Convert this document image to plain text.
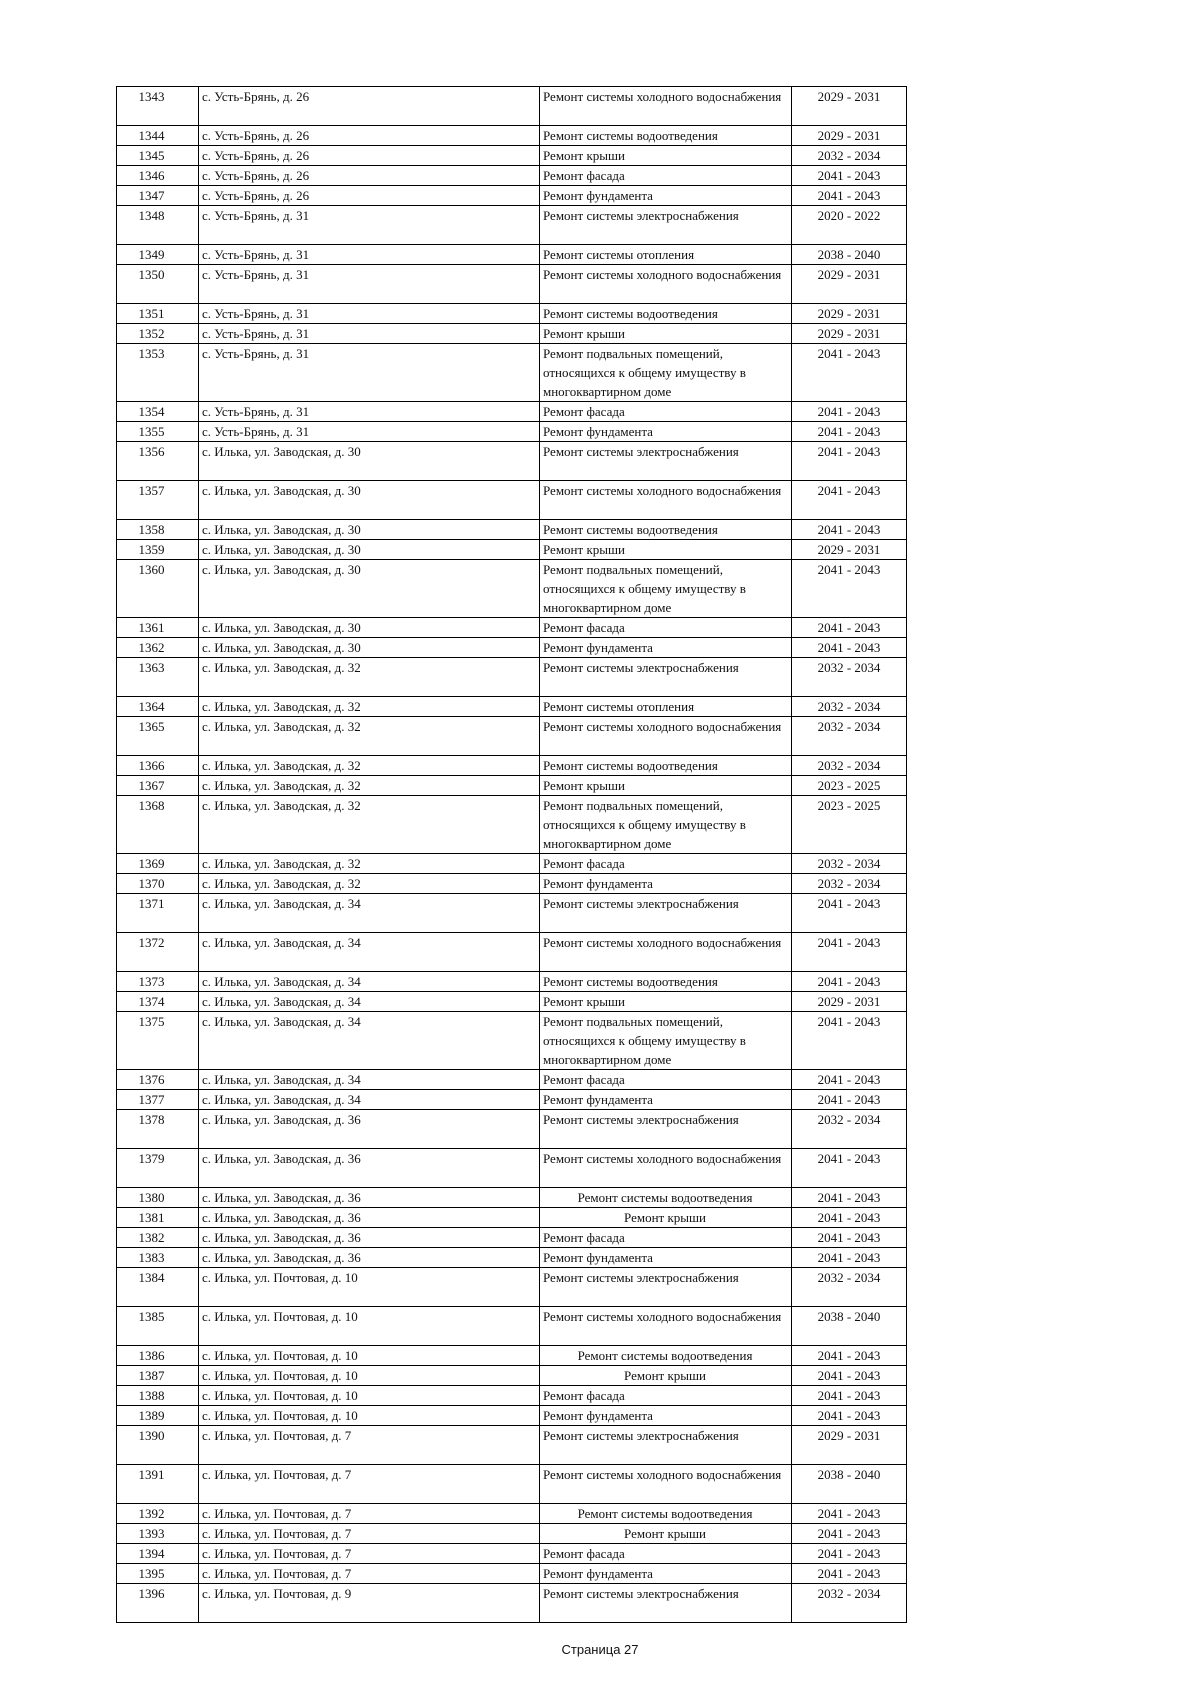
1343	с. Усть-Брянь, д. 26	Ремонт системы холодного водоснабжения	2029 - 2031
1344	с. Усть-Брянь, д. 26	Ремонт системы водоотведения	2029 - 2031
1345	с. Усть-Брянь, д. 26	Ремонт крыши	2032 - 2034
1346	с. Усть-Брянь, д. 26	Ремонт фасада	2041 - 2043
1347	с. Усть-Брянь, д. 26	Ремонт фундамента	2041 - 2043
1348	с. Усть-Брянь, д. 31	Ремонт системы электроснабжения	2020 - 2022
1349	с. Усть-Брянь, д. 31	Ремонт системы отопления	2038 - 2040
1350	с. Усть-Брянь, д. 31	Ремонт системы холодного водоснабжения	2029 - 2031
1351	с. Усть-Брянь, д. 31	Ремонт системы водоотведения	2029 - 2031
1352	с. Усть-Брянь, д. 31	Ремонт крыши	2029 - 2031
1353	с. Усть-Брянь, д. 31	Ремонт подвальных помещений, относящихся к общему имуществу в многоквартирном доме	2041 - 2043
1354	с. Усть-Брянь, д. 31	Ремонт фасада	2041 - 2043
1355	с. Усть-Брянь, д. 31	Ремонт фундамента	2041 - 2043
1356	с. Илька, ул. Заводская, д. 30	Ремонт системы электроснабжения	2041 - 2043
1357	с. Илька, ул. Заводская, д. 30	Ремонт системы холодного водоснабжения	2041 - 2043
1358	с. Илька, ул. Заводская, д. 30	Ремонт системы водоотведения	2041 - 2043
1359	с. Илька, ул. Заводская, д. 30	Ремонт крыши	2029 - 2031
1360	с. Илька, ул. Заводская, д. 30	Ремонт подвальных помещений, относящихся к общему имуществу в многоквартирном доме	2041 - 2043
1361	с. Илька, ул. Заводская, д. 30	Ремонт фасада	2041 - 2043
1362	с. Илька, ул. Заводская, д. 30	Ремонт фундамента	2041 - 2043
1363	с. Илька, ул. Заводская, д. 32	Ремонт системы электроснабжения	2032 - 2034
1364	с. Илька, ул. Заводская, д. 32	Ремонт системы отопления	2032 - 2034
1365	с. Илька, ул. Заводская, д. 32	Ремонт системы холодного водоснабжения	2032 - 2034
1366	с. Илька, ул. Заводская, д. 32	Ремонт системы водоотведения	2032 - 2034
1367	с. Илька, ул. Заводская, д. 32	Ремонт крыши	2023 - 2025
1368	с. Илька, ул. Заводская, д. 32	Ремонт подвальных помещений, относящихся к общему имуществу в многоквартирном доме	2023 - 2025
1369	с. Илька, ул. Заводская, д. 32	Ремонт фасада	2032 - 2034
1370	с. Илька, ул. Заводская, д. 32	Ремонт фундамента	2032 - 2034
1371	с. Илька, ул. Заводская, д. 34	Ремонт системы электроснабжения	2041 - 2043
1372	с. Илька, ул. Заводская, д. 34	Ремонт системы холодного водоснабжения	2041 - 2043
1373	с. Илька, ул. Заводская, д. 34	Ремонт системы водоотведения	2041 - 2043
1374	с. Илька, ул. Заводская, д. 34	Ремонт крыши	2029 - 2031
1375	с. Илька, ул. Заводская, д. 34	Ремонт подвальных помещений, относящихся к общему имуществу в многоквартирном доме	2041 - 2043
1376	с. Илька, ул. Заводская, д. 34	Ремонт фасада	2041 - 2043
1377	с. Илька, ул. Заводская, д. 34	Ремонт фундамента	2041 - 2043
1378	с. Илька, ул. Заводская, д. 36	Ремонт системы электроснабжения	2032 - 2034
1379	с. Илька, ул. Заводская, д. 36	Ремонт системы холодного водоснабжения	2041 - 2043
1380	с. Илька, ул. Заводская, д. 36	Ремонт системы водоотведения	2041 - 2043
1381	с. Илька, ул. Заводская, д. 36	Ремонт крыши	2041 - 2043
1382	с. Илька, ул. Заводская, д. 36	Ремонт фасада	2041 - 2043
1383	с. Илька, ул. Заводская, д. 36	Ремонт фундамента	2041 - 2043
1384	с. Илька, ул. Почтовая, д. 10	Ремонт системы электроснабжения	2032 - 2034
1385	с. Илька, ул. Почтовая, д. 10	Ремонт системы холодного водоснабжения	2038 - 2040
1386	с. Илька, ул. Почтовая, д. 10	Ремонт системы водоотведения	2041 - 2043
1387	с. Илька, ул. Почтовая, д. 10	Ремонт крыши	2041 - 2043
1388	с. Илька, ул. Почтовая, д. 10	Ремонт фасада	2041 - 2043
1389	с. Илька, ул. Почтовая, д. 10	Ремонт фундамента	2041 - 2043
1390	с. Илька, ул. Почтовая, д. 7	Ремонт системы электроснабжения	2029 - 2031
1391	с. Илька, ул. Почтовая, д. 7	Ремонт системы холодного водоснабжения	2038 - 2040
1392	с. Илька, ул. Почтовая, д. 7	Ремонт системы водоотведения	2041 - 2043
1393	с. Илька, ул. Почтовая, д. 7	Ремонт крыши	2041 - 2043
1394	с. Илька, ул. Почтовая, д. 7	Ремонт фасада	2041 - 2043
1395	с. Илька, ул. Почтовая, д. 7	Ремонт фундамента	2041 - 2043
1396	с. Илька, ул. Почтовая, д. 9	Ремонт системы электроснабжения	2032 - 2034
Страница 27
